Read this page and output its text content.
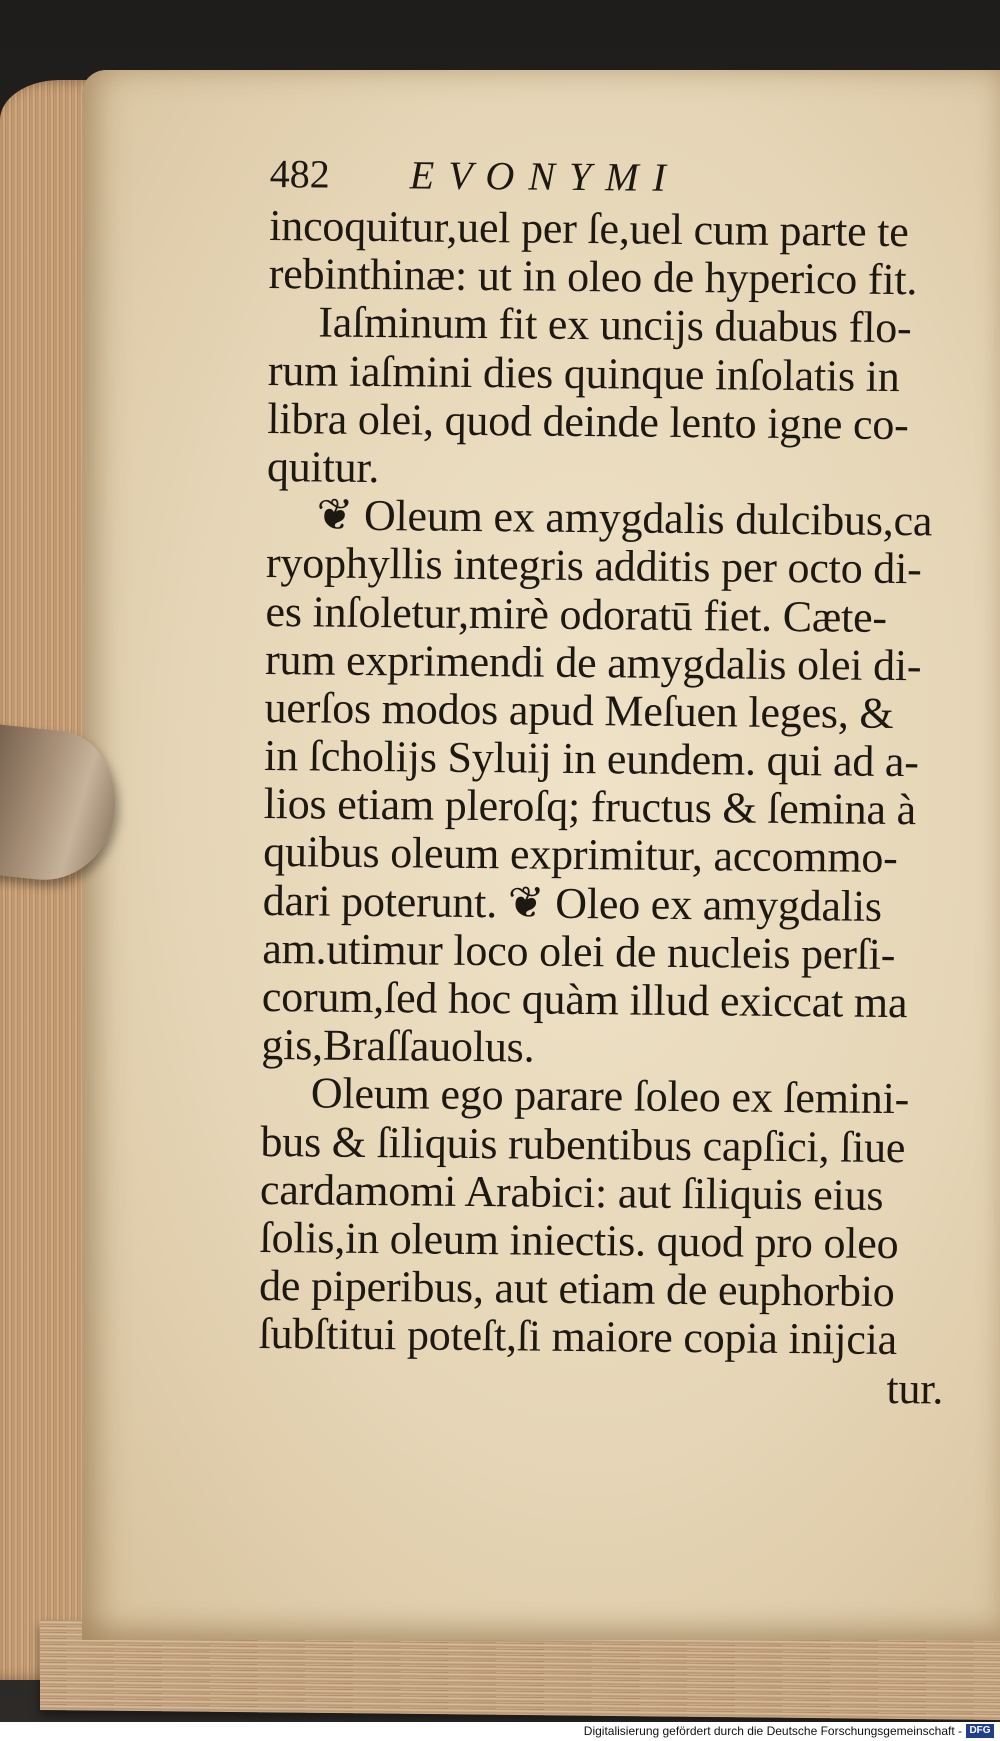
482	EVONYMI
incoquitur,uel per ſe,uel cum parte te
rebinthinæ: ut in oleo de hyperico fit.
Iaſminum fit ex uncijs duabus flo-
rum iaſmini dies quinque inſolatis in
libra olei, quod deinde lento igne co-
quitur.
❦ Oleum ex amygdalis dulcibus,ca
ryophyllis integris additis per octo di-
es inſoletur,mirè odoratū fiet. Cæte-
rum exprimendi de amygdalis olei di-
uerſos modos apud Meſuen leges, &
in ſcholijs Syluij in eundem. qui ad a-
lios etiam pleroſq; fructus & ſemina à
quibus oleum exprimitur, accommo-
dari poterunt. ❦ Oleo ex amygdalis
am.utimur loco olei de nucleis perſi-
corum,ſed hoc quàm illud exiccat ma
gis,Braſſauolus.
Oleum ego parare ſoleo ex ſemini-
bus & ſiliquis rubentibus capſici, ſiue
cardamomi Arabici: aut ſiliquis eius
ſolis,in oleum iniectis. quod pro oleo
de piperibus, aut etiam de euphorbio
ſubſtitui poteſt,ſi maiore copia inijcia
tur.
Digitalisierung gefördert durch die Deutsche Forschungsgemeinschaft - DFG
